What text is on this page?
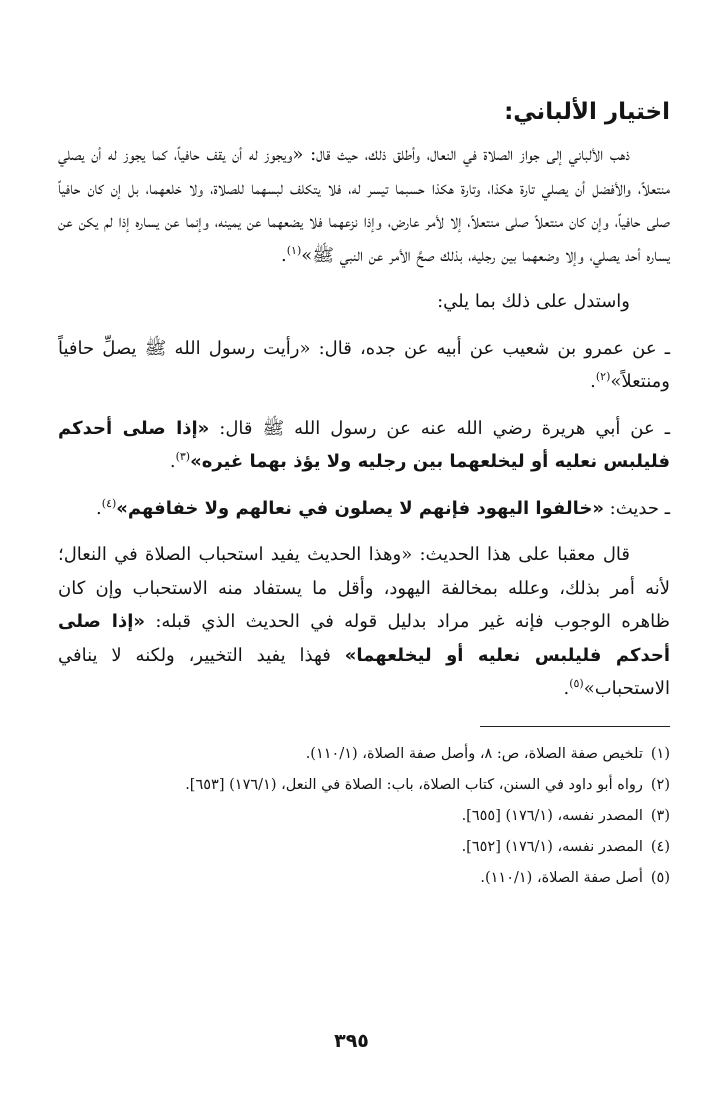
اختيار الألباني:

ذهب الألباني إلى جواز الصلاة في النعال، وأطلق ذلك، حيث قال: «ويجوز له أن يقف حافياً، كما يجوز له أن يصلي منتعلاً، والأفضل أن يصلي تارة هكذا، وتارة هكذا حسبما تيسر له، فلا يتكلف لبسهما للصلاة، ولا خلعهما، بل إن كان حافياً صلى حافياً، وإن كان منتعلاً صلى منتعلاً، إلا لأمر عارض، وإذا نزعهما فلا يضعهما عن يمينه، وإنما عن يساره إذا لم يكن عن يساره أحد يصلي، وإلا وضعهما بين رجليه، بذلك صحَّ الأمر عن النبي ﷺ»$^{(١)}$.

واستدل على ذلك بما يلي:

ـ عن عمرو بن شعيب عن أبيه عن جده، قال: «رأيت رسول الله ﷺ يصلِّ حافياً ومنتعلاً»$^{(٢)}$.

ـ عن أبي هريرة رضي الله عنه عن رسول الله ﷺ قال: «إذا صلى أحدكم فليلبس نعليه أو ليخلعهما بين رجليه ولا يؤذ بهما غيره»$^{(٣)}$.

ـ حديث: «خالفوا اليهود فإنهم لا يصلون في نعالهم ولا خفافهم»$^{(٤)}$.

قال معقبا على هذا الحديث: «وهذا الحديث يفيد استحباب الصلاة في النعال؛ لأنه أمر بذلك، وعلله بمخالفة اليهود، وأقل ما يستفاد منه الاستحباب وإن كان ظاهره الوجوب فإنه غير مراد بدليل قوله في الحديث الذي قبله: «إذا صلى أحدكم فليلبس نعليه أو ليخلعهما» فهذا يفيد التخيير، ولكنه لا ينافي الاستحباب»$^{(٥)}$.

(١)تلخيص صفة الصلاة، ص: ٨، وأصل صفة الصلاة، (١١٠/١).
(٢)رواه أبو داود في السنن، كتاب الصلاة، باب: الصلاة في النعل، (١٧٦/١) [٦٥٣].
(٣)المصدر نفسه، (١٧٦/١) [٦٥٥].
(٤)المصدر نفسه، (١٧٦/١) [٦٥٢].
(٥)أصل صفة الصلاة، (١١٠/١).
٣٩٥
